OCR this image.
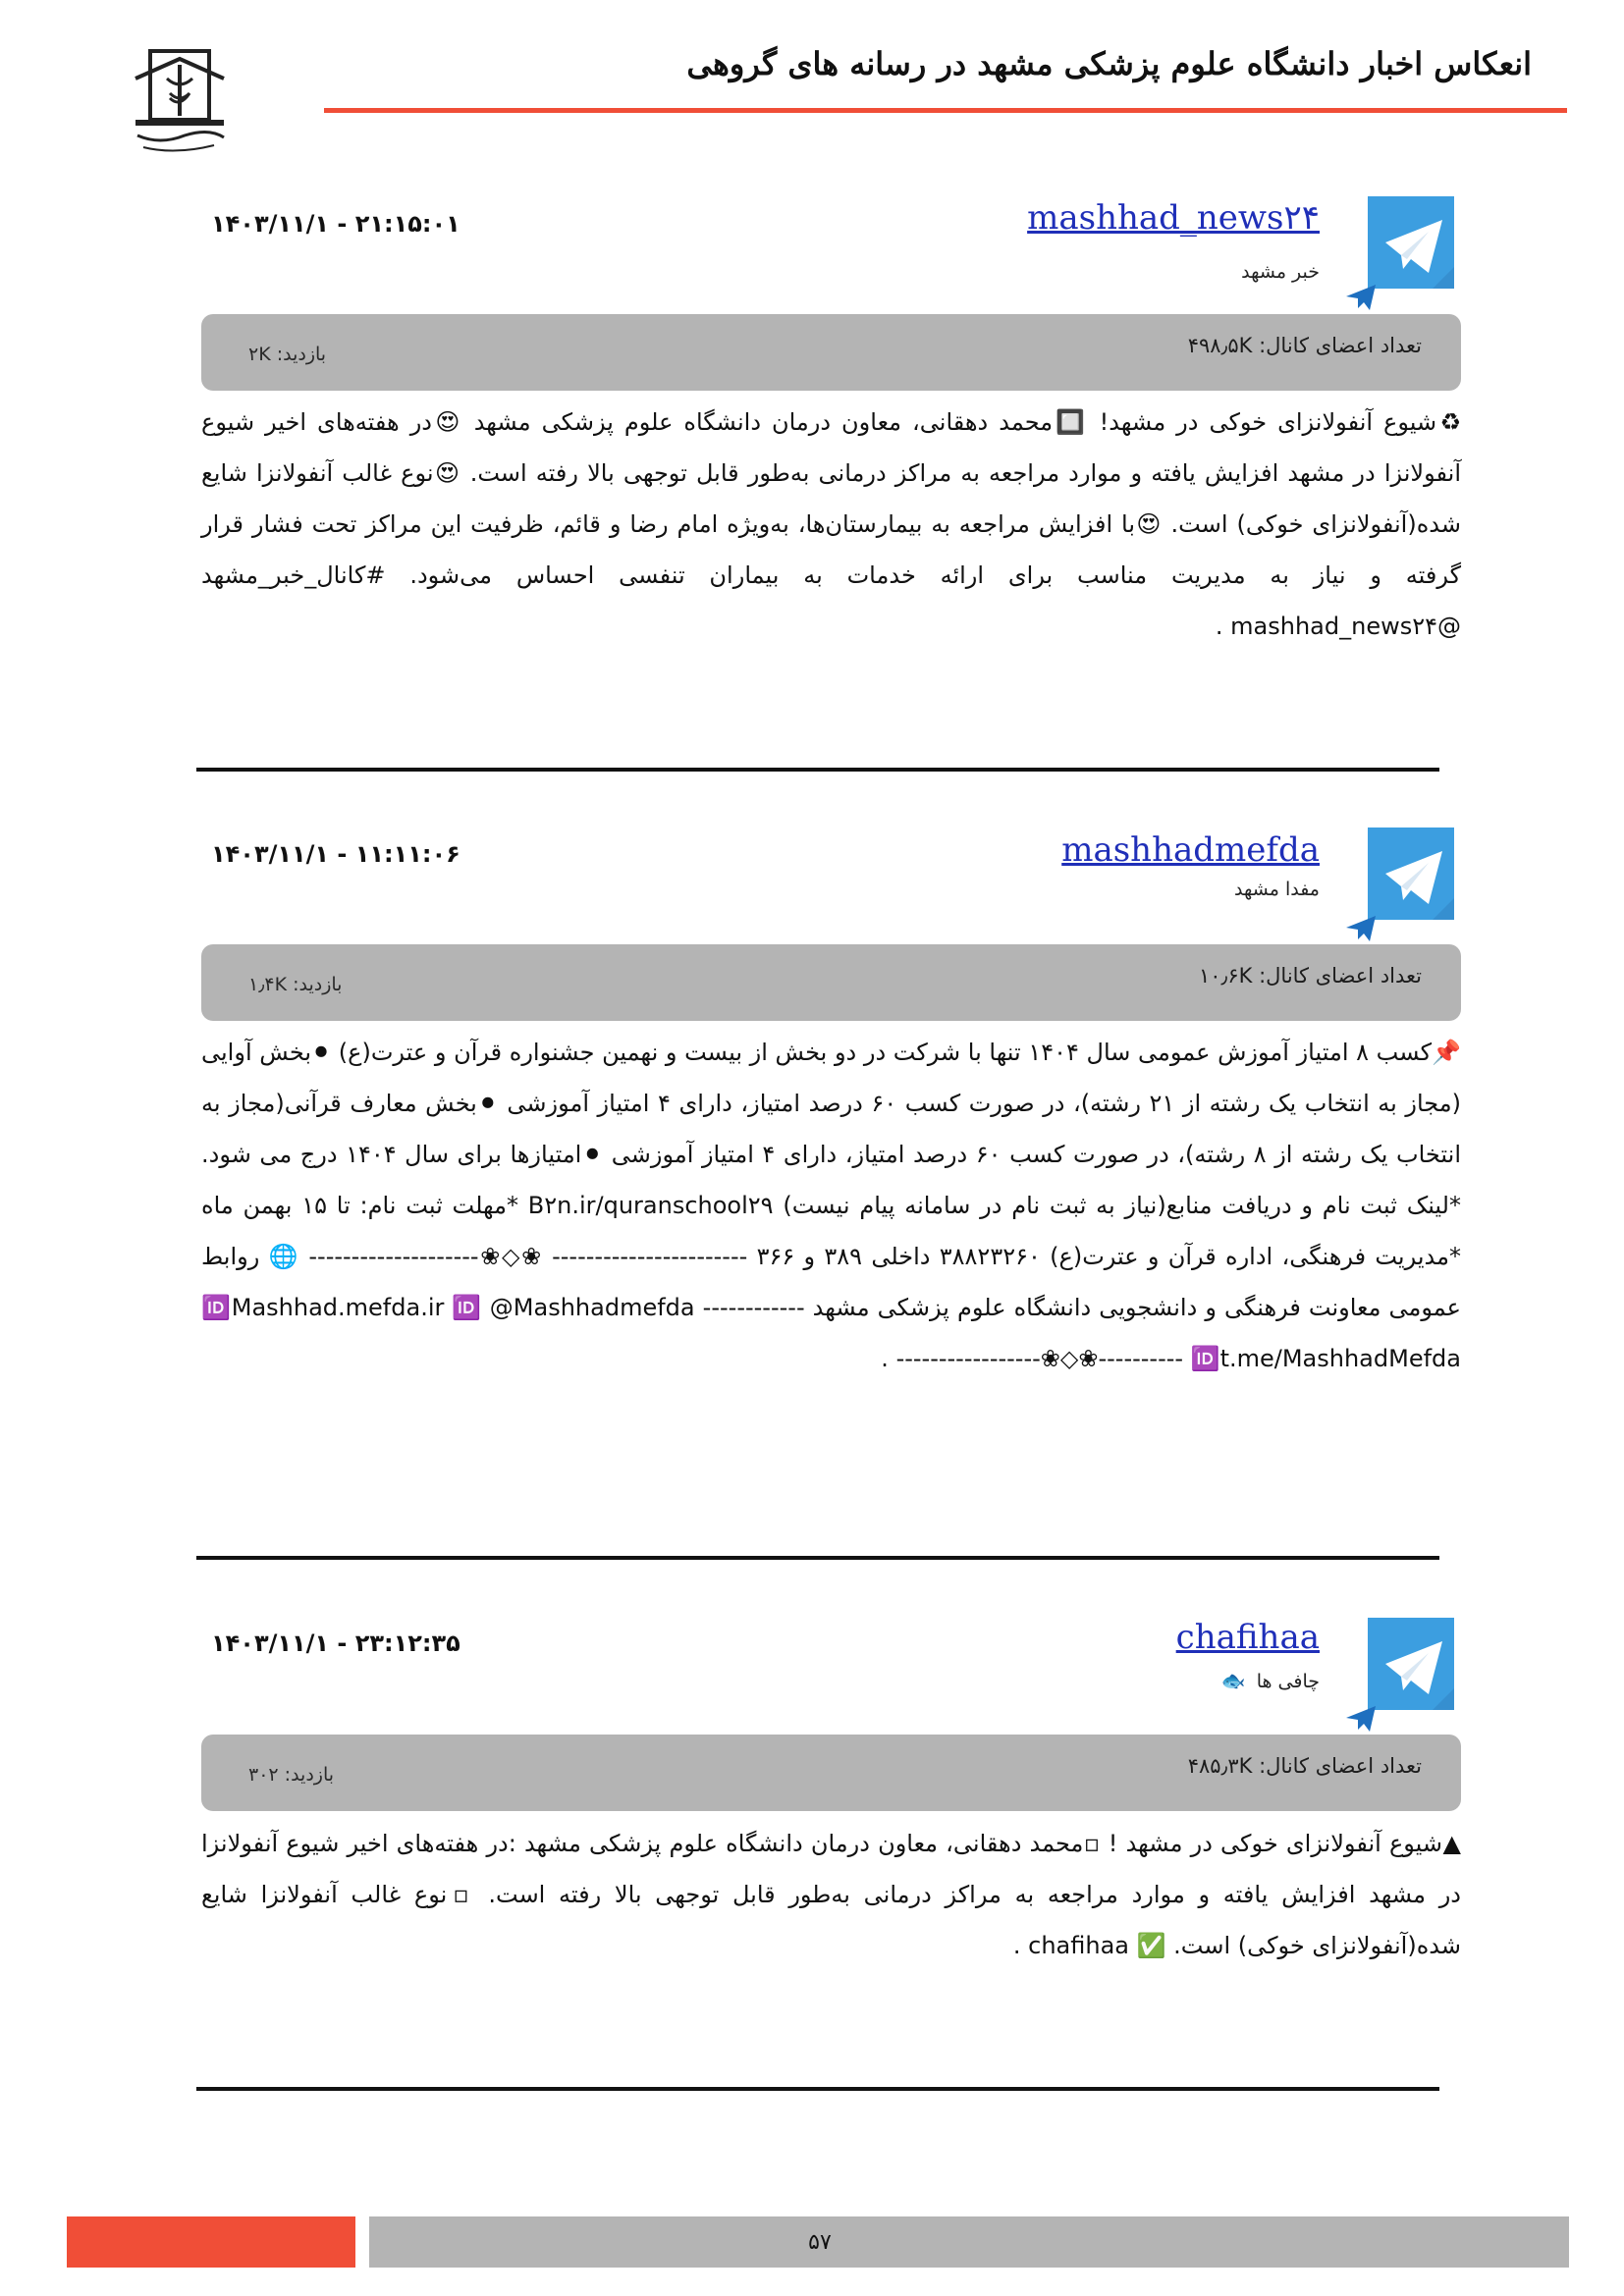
انعکاس اخبار دانشگاه علوم پزشکی مشهد در رسانه های گروهی
mashhad_news۲۴
خبر مشهد
۱۴۰۳/۱۱/۱ - ۲۱:۱۵:۰۱
تعداد اعضای کانال: ۴۹۸٫۵K
بازدید: ۲K

♻شیوع آنفولانزای خوکی در مشهد! 🔲محمد دهقانی، معاون درمان دانشگاه علوم پزشکی مشهد 😍در هفته‌های اخیر شیوع آنفولانزا در مشهد افزایش یافته و موارد مراجعه به مراکز درمانی به‌طور قابل توجهی بالا رفته است. 😍نوع غالب آنفولانزا شایع شده(آنفولانزای خوکی) است. 😍با افزایش مراجعه به بیمارستان‌ها، به‌ویژه امام رضا و قائم، ظرفیت این مراکز تحت فشار قرار گرفته و نیاز به مدیریت مناسب برای ارائه خدمات به بیماران تنفسی احساس می‌شود. #کانال_خبر_مشهد @mashhad_news۲۴ .

mashhadmefda
مفدا مشهد
۱۴۰۳/۱۱/۱ - ۱۱:۱۱:۰۶
تعداد اعضای کانال: ۱۰٫۶K
بازدید: ۱٫۴K

📌کسب ۸ امتیاز آموزش عمومی سال ۱۴۰۴ تنها با شرکت در دو بخش از بیست و نهمین جشنواره قرآن و عترت(ع) ⚫بخش آوایی (مجاز به انتخاب یک رشته از ۲۱ رشته)، در صورت کسب ۶۰ درصد امتیاز، دارای ۴ امتیاز آموزشی ⚫بخش معارف قرآنی(مجاز به انتخاب یک رشته از ۸ رشته)، در صورت کسب ۶۰ درصد امتیاز، دارای ۴ امتیاز آموزشی ⚫امتیازها برای سال ۱۴۰۴ درج می شود. *لینک ثبت نام و دریافت منابع(نیاز به ثبت نام در سامانه پیام نیست) B۲n.ir/quranschool۲۹ *مهلت ثبت نام: تا ۱۵ بهمن ماه *مدیریت فرهنگی، اداره قرآن و عترت(ع) ۳۸۸۲۳۲۶۰ داخلی ۳۸۹ و ۳۶۶ ----------------------- ❀◇❀-------------------- 🌐 روابط عمومی معاونت فرهنگی و دانشجویی دانشگاه علوم پزشکی مشهد ------------ 🆔Mashhad.mefda.ir 🆔 @Mashhadmefda -----------------❀◇❀---------- 🆔t.me/MashhadMefda .

chafihaa
چافی ها 🐟
۱۴۰۳/۱۱/۱ - ۲۳:۱۲:۳۵
تعداد اعضای کانال: ۴۸۵٫۳K
بازدید: ۳۰۲

▲شیوع آنفولانزای خوکی در مشهد ! ▫محمد دهقانی، معاون درمان دانشگاه علوم پزشکی مشهد :در هفته‌های اخیر شیوع آنفولانزا در مشهد افزایش یافته و موارد مراجعه به مراکز درمانی به‌طور قابل توجهی بالا رفته است. ▫نوع غالب آنفولانزا شایع شده(آنفولانزای خوکی) است. ✅ chafihaa .

۵۷
